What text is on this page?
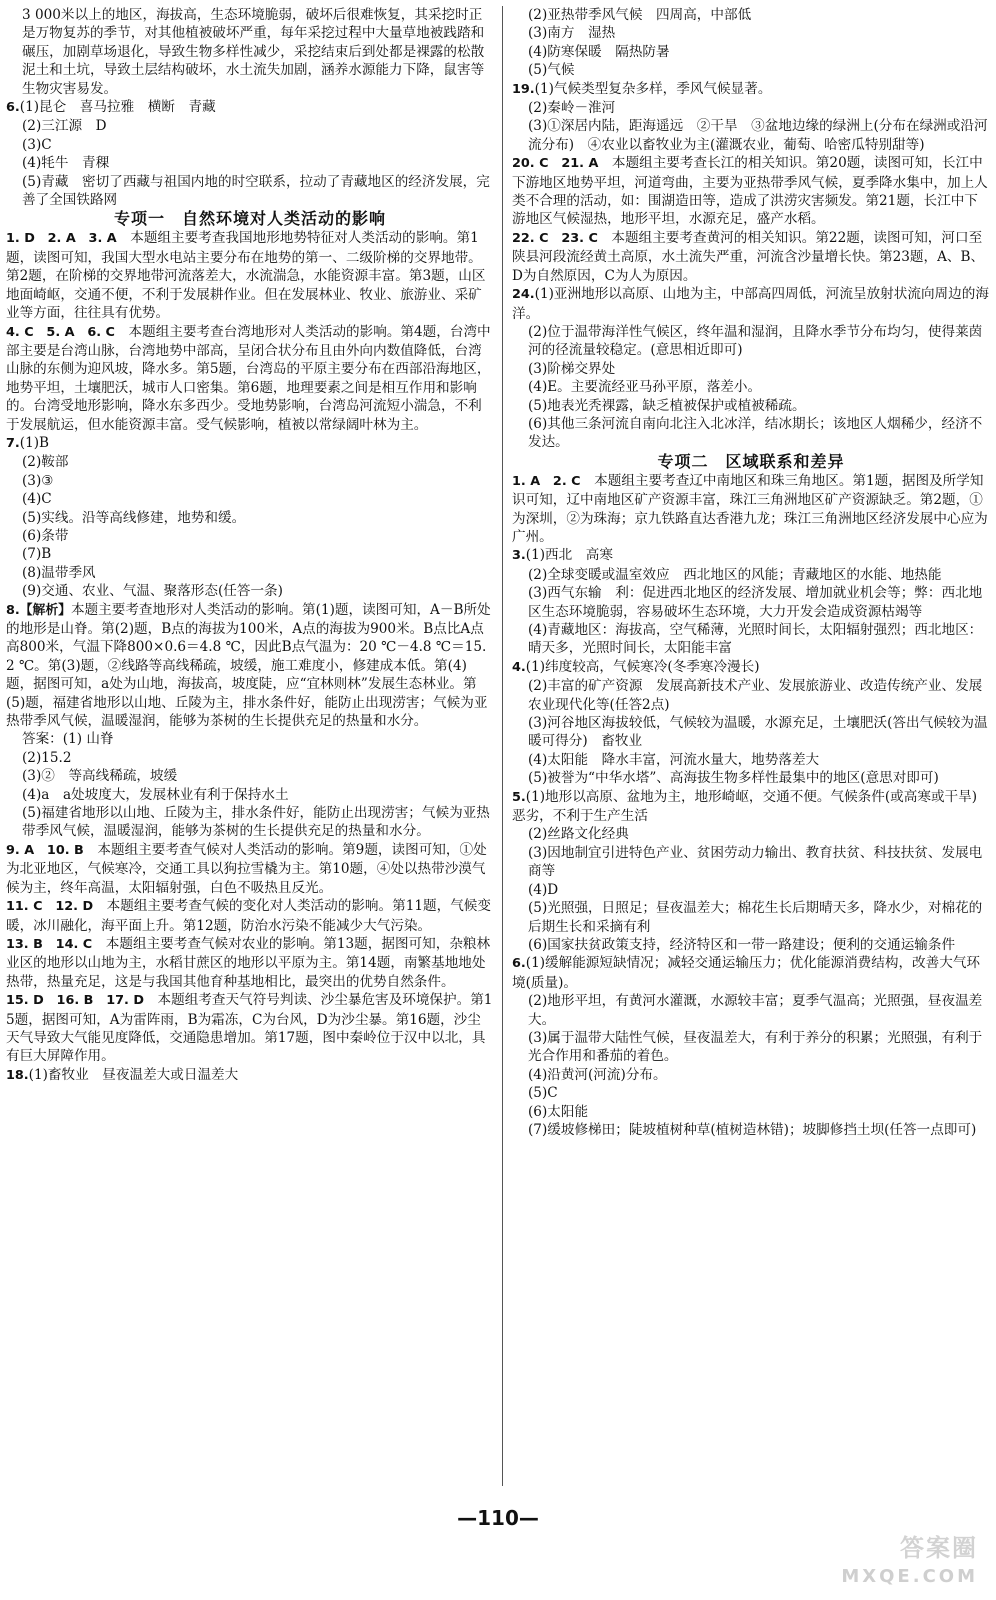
3 000米以上的地区，海拔高，生态环境脆弱，破坏后很难恢复，其采挖时正是万物复苏的季节，对其他植被破坏严重，每年采挖过程中大量草地被践踏和碾压，加剧草场退化，导致生物多样性减少，采挖结束后到处都是裸露的松散泥土和土坑，导致土层结构破坏，水土流失加剧，涵养水源能力下降，鼠害等生物灾害易发。

6.(1)昆仑　喜马拉雅　横断　青藏

(2)三江源　D

(3)C

(4)牦牛　青稞

(5)青藏　密切了西藏与祖国内地的时空联系，拉动了青藏地区的经济发展，完善了全国铁路网

专项一　自然环境对人类活动的影响

1. D　2. A　3. A　本题组主要考查我国地形地势特征对人类活动的影响。第1题，读图可知，我国大型水电站主要分布在地势的第一、二级阶梯的交界地带。第2题，在阶梯的交界地带河流落差大，水流湍急，水能资源丰富。第3题，山区地面崎岖，交通不便，不利于发展耕作业。但在发展林业、牧业、旅游业、采矿业等方面，往往具有优势。

4. C　5. A　6. C　本题组主要考查台湾地形对人类活动的影响。第4题，台湾中部主要是台湾山脉，台湾地势中部高，呈闭合状分布且由外向内数值降低，台湾山脉的东侧为迎风坡，降水多。第5题，台湾岛的平原主要分布在西部沿海地区，地势平坦，土壤肥沃，城市人口密集。第6题，地理要素之间是相互作用和影响的。台湾受地形影响，降水东多西少。受地势影响，台湾岛河流短小湍急，不利于发展航运，但水能资源丰富。受气候影响，植被以常绿阔叶林为主。

7.(1)B

(2)鞍部

(3)③

(4)C

(5)实线。沿等高线修建，地势和缓。

(6)条带

(7)B

(8)温带季风

(9)交通、农业、气温、聚落形态(任答一条)

8.【解析】本题主要考查地形对人类活动的影响。第(1)题，读图可知，A－B所处的地形是山脊。第(2)题，B点的海拔为100米，A点的海拔为900米。B点比A点高800米，气温下降800×0.6＝4.8 ℃，因此B点气温为：20 ℃－4.8 ℃＝15.2 ℃。第(3)题，②线路等高线稀疏，坡缓，施工难度小，修建成本低。第(4)题，据图可知，a处为山地，海拔高，坡度陡，应“宜林则林”发展生态林业。第(5)题，福建省地形以山地、丘陵为主，排水条件好，能防止出现涝害；气候为亚热带季风气候，温暖湿润，能够为茶树的生长提供充足的热量和水分。

答案：(1) 山脊

(2)15.2

(3)②　等高线稀疏，坡缓

(4)a　a处坡度大，发展林业有利于保持水土

(5)福建省地形以山地、丘陵为主，排水条件好，能防止出现涝害；气候为亚热带季风气候，温暖湿润，能够为茶树的生长提供充足的热量和水分。

9. A　10. B　本题组主要考查气候对人类活动的影响。第9题，读图可知，①处为北亚地区，气候寒冷，交通工具以狗拉雪橇为主。第10题，④处以热带沙漠气候为主，终年高温，太阳辐射强，白色不吸热且反光。

11. C　12. D　本题组主要考查气候的变化对人类活动的影响。第11题，气候变暖，冰川融化，海平面上升。第12题，防治水污染不能减少大气污染。

13. B　14. C　本题组主要考查气候对农业的影响。第13题，据图可知，杂粮林业区的地形以山地为主，水稻甘蔗区的地形以平原为主。第14题，南繁基地地处热带，热量充足，这是与我国其他育种基地相比，最突出的优势自然条件。

15. D　16. B　17. D　本题组考查天气符号判读、沙尘暴危害及环境保护。第15题，据图可知，A为雷阵雨，B为霜冻，C为台风，D为沙尘暴。第16题，沙尘天气导致大气能见度降低，交通隐患增加。第17题，图中秦岭位于汉中以北，具有巨大屏障作用。

18.(1)畜牧业　昼夜温差大或日温差大

(2)亚热带季风气候　四周高，中部低

(3)南方　湿热

(4)防寒保暖　隔热防暑

(5)气候

19.(1)气候类型复杂多样，季风气候显著。

(2)秦岭－淮河

(3)①深居内陆，距海遥远　②干旱　③盆地边缘的绿洲上(分布在绿洲或沿河流分布)　④农业以畜牧业为主(灌溉农业，葡萄、哈密瓜特别甜等)

20. C　21. A　本题组主要考查长江的相关知识。第20题，读图可知，长江中下游地区地势平坦，河道弯曲，主要为亚热带季风气候，夏季降水集中，加上人类不合理的活动，如：围湖造田等，造成了洪涝灾害频发。第21题，长江中下游地区气候湿热，地形平坦，水源充足，盛产水稻。

22. C　23. C　本题组主要考查黄河的相关知识。第22题，读图可知，河口至陕县河段流经黄土高原，水土流失严重，河流含沙量增长快。第23题，A、B、D为自然原因，C为人为原因。

24.(1)亚洲地形以高原、山地为主，中部高四周低，河流呈放射状流向周边的海洋。

(2)位于温带海洋性气候区，终年温和湿润，且降水季节分布均匀，使得莱茵河的径流量较稳定。(意思相近即可)

(3)阶梯交界处

(4)E。主要流经亚马孙平原，落差小。

(5)地表光秃裸露，缺乏植被保护或植被稀疏。

(6)其他三条河流自南向北注入北冰洋，结冰期长；该地区人烟稀少，经济不发达。

专项二　区域联系和差异

1. A　2. C　本题组主要考查辽中南地区和珠三角地区。第1题，据图及所学知识可知，辽中南地区矿产资源丰富，珠江三角洲地区矿产资源缺乏。第2题，①为深圳，②为珠海；京九铁路直达香港九龙；珠江三角洲地区经济发展中心应为广州。

3.(1)西北　高寒

(2)全球变暖或温室效应　西北地区的风能；青藏地区的水能、地热能

(3)西气东输　利：促进西北地区的经济发展、增加就业机会等；弊：西北地区生态环境脆弱，容易破坏生态环境，大力开发会造成资源枯竭等

(4)青藏地区：海拔高，空气稀薄，光照时间长，太阳辐射强烈；西北地区：晴天多，光照时间长，太阳能丰富

4.(1)纬度较高，气候寒冷(冬季寒冷漫长)

(2)丰富的矿产资源　发展高新技术产业、发展旅游业、改造传统产业、发展农业现代化等(任答2点)

(3)河谷地区海拔较低，气候较为温暖，水源充足，土壤肥沃(答出气候较为温暖可得分)　畜牧业

(4)太阳能　降水丰富，河流水量大，地势落差大

(5)被誉为“中华水塔”、高海拔生物多样性最集中的地区(意思对即可)

5.(1)地形以高原、盆地为主，地形崎岖，交通不便。气候条件(或高寒或干旱)恶劣，不利于生产生活

(2)丝路文化经典

(3)因地制宜引进特色产业、贫困劳动力输出、教育扶贫、科技扶贫、发展电商等

(4)D

(5)光照强，日照足；昼夜温差大；棉花生长后期晴天多，降水少，对棉花的后期生长和采摘有利

(6)国家扶贫政策支持，经济特区和一带一路建设；便利的交通运输条件

6.(1)缓解能源短缺情况；减轻交通运输压力；优化能源消费结构，改善大气环境(质量)。

(2)地形平坦，有黄河水灌溉，水源较丰富；夏季气温高；光照强，昼夜温差大。

(3)属于温带大陆性气候，昼夜温差大，有利于养分的积累；光照强，有利于光合作用和番茄的着色。

(4)沿黄河(河流)分布。

(5)C

(6)太阳能

(7)缓坡修梯田；陡坡植树种草(植树造林错)；坡脚修挡土坝(任答一点即可)

—110—
答案圈
MXQE.COM
